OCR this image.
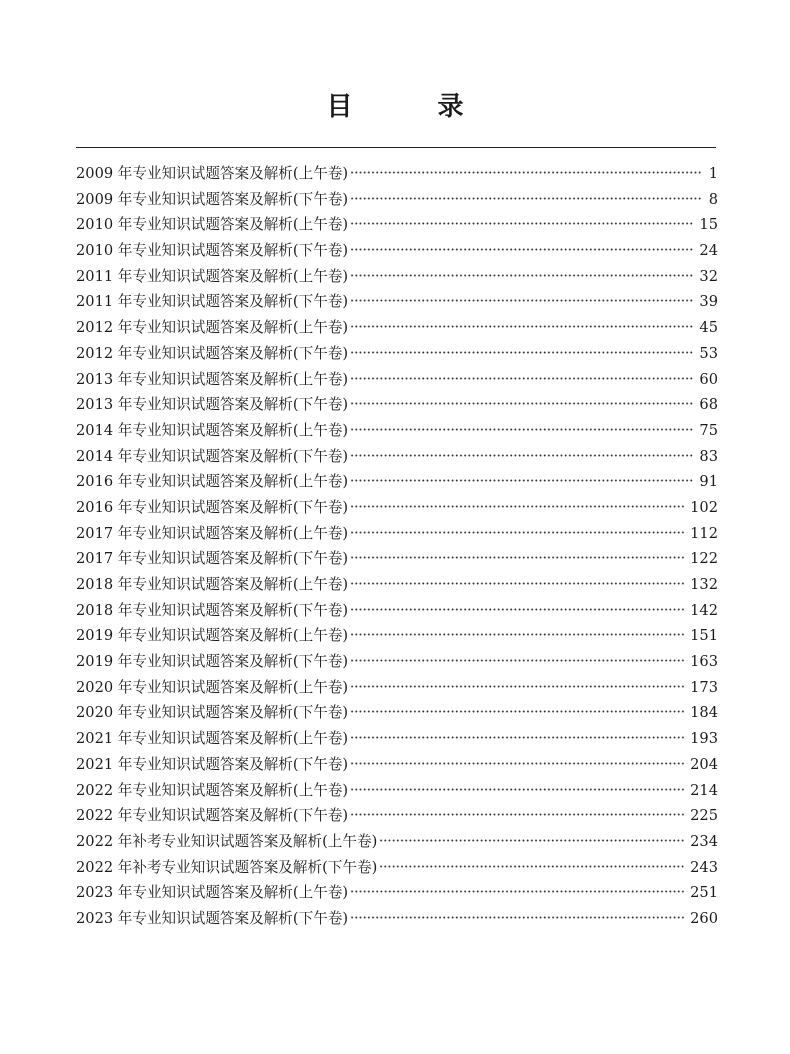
目 录
2009 年专业知识试题答案及解析(上午卷)	1
2009 年专业知识试题答案及解析(下午卷)	8
2010 年专业知识试题答案及解析(上午卷)	15
2010 年专业知识试题答案及解析(下午卷)	24
2011 年专业知识试题答案及解析(上午卷)	32
2011 年专业知识试题答案及解析(下午卷)	39
2012 年专业知识试题答案及解析(上午卷)	45
2012 年专业知识试题答案及解析(下午卷)	53
2013 年专业知识试题答案及解析(上午卷)	60
2013 年专业知识试题答案及解析(下午卷)	68
2014 年专业知识试题答案及解析(上午卷)	75
2014 年专业知识试题答案及解析(下午卷)	83
2016 年专业知识试题答案及解析(上午卷)	91
2016 年专业知识试题答案及解析(下午卷)	102
2017 年专业知识试题答案及解析(上午卷)	112
2017 年专业知识试题答案及解析(下午卷)	122
2018 年专业知识试题答案及解析(上午卷)	132
2018 年专业知识试题答案及解析(下午卷)	142
2019 年专业知识试题答案及解析(上午卷)	151
2019 年专业知识试题答案及解析(下午卷)	163
2020 年专业知识试题答案及解析(上午卷)	173
2020 年专业知识试题答案及解析(下午卷)	184
2021 年专业知识试题答案及解析(上午卷)	193
2021 年专业知识试题答案及解析(下午卷)	204
2022 年专业知识试题答案及解析(上午卷)	214
2022 年专业知识试题答案及解析(下午卷)	225
2022 年补考专业知识试题答案及解析(上午卷)	234
2022 年补考专业知识试题答案及解析(下午卷)	243
2023 年专业知识试题答案及解析(上午卷)	251
2023 年专业知识试题答案及解析(下午卷)	260
